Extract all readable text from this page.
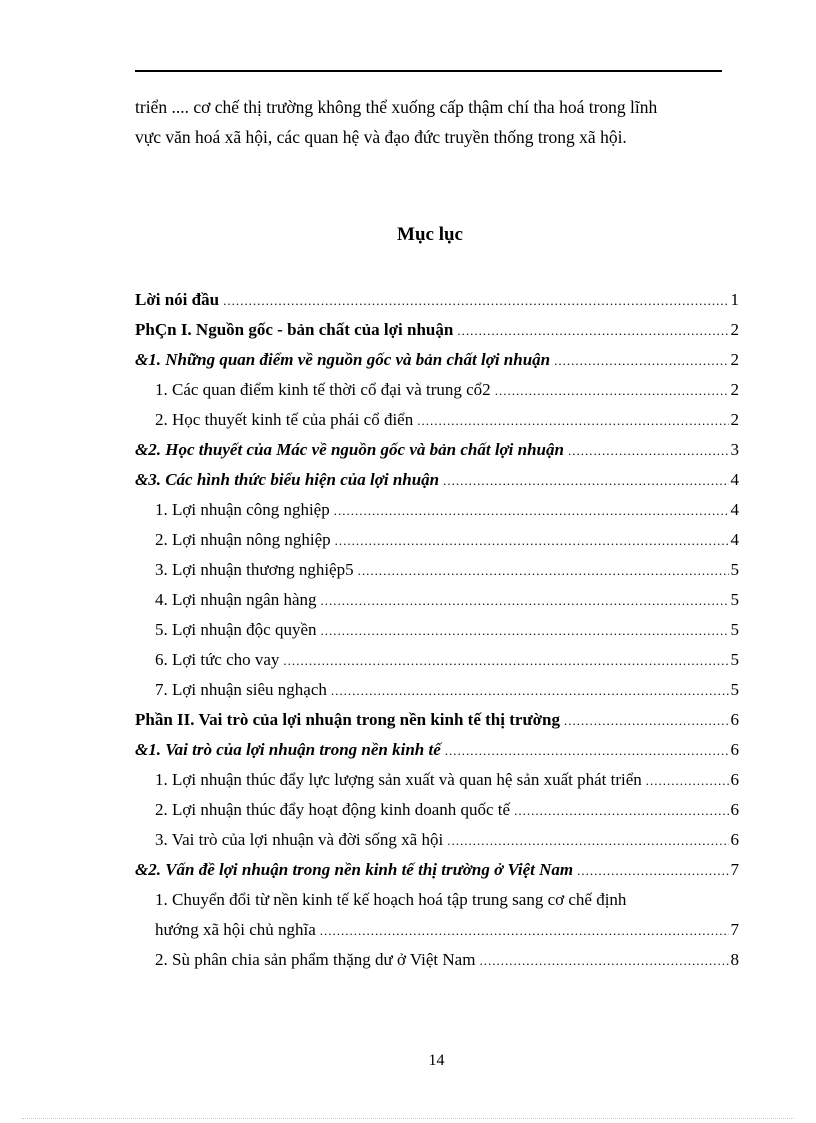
triển .... cơ chế thị trường không thể xuống cấp thậm chí tha hoá trong lĩnh

vực văn hoá xã hội, các quan hệ và đạo đức truyền thống trong xã hội.

Mục lục
Lời nói đầu .....	1
PhÇn I. Nguồn gốc - bản chất của lợi nhuận .....	2
&1. Những quan điểm về nguồn gốc và bản chất lợi nhuận .....	2
1. Các quan điểm kinh tế thời cổ đại và trung cổ2 .....	2
2. Học thuyết kinh tế của phái cổ điển .....	2
&2. Học thuyết của Mác về nguồn gốc và bản chất lợi nhuận .....	3
&3. Các hình thức biểu hiện của lợi nhuận .....	4
1. Lợi nhuận công nghiệp .....	4
2. Lợi nhuận nông nghiệp .....	4
3. Lợi nhuận thương nghiệp5 .....	5
4. Lợi nhuận ngân hàng .....	5
5. Lợi nhuận độc quyền .....	5
6. Lợi tức cho vay .....	5
7. Lợi nhuận siêu nghạch .....	5
Phần II. Vai trò của lợi nhuận trong nền kinh tế thị trường .....	6
&1. Vai trò của lợi nhuận trong nền kinh tế .....	6
1. Lợi nhuận thúc đẩy lực lượng sản xuất và quan hệ sản xuất phát triển .....	6
2. Lợi nhuận thúc đẩy hoạt động kinh doanh quốc tế .....	6
3. Vai trò của lợi nhuận và đời sống xã hội .....	6
&2. Vấn đề lợi nhuận trong nền kinh tế thị trường ở Việt Nam .....	7
1. Chuyển đổi từ nền kinh tế kế hoạch hoá tập trung sang cơ chế định
hướng xã hội chủ nghĩa .....	7
2. Sù phân chia sản phẩm thặng dư ở Việt Nam .....	8
14
